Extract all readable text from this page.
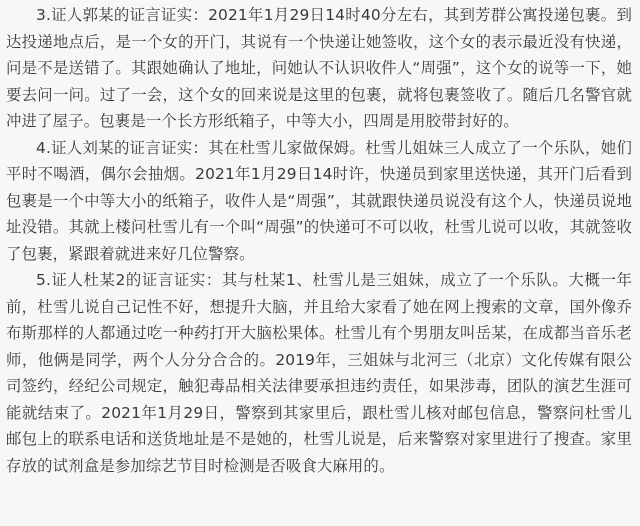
3.证人郭某的证言证实：2021年1月29日14时40分左右，其到芳群公寓投递包裹。到达投递地点后，是一个女的开门，其说有一个快递让她签收，这个女的表示最近没有快递，问是不是送错了。其跟她确认了地址，问她认不认识收件人“周强”，这个女的说等一下，她要去问一问。过了一会，这个女的回来说是这里的包裹，就将包裹签收了。随后几名警官就冲进了屋子。包裹是一个长方形纸箱子，中等大小，四周是用胶带封好的。

4.证人刘某的证言证实：其在杜雪儿家做保姆。杜雪儿姐妹三人成立了一个乐队，她们平时不喝酒，偶尔会抽烟。2021年1月29日14时许，快递员到家里送快递，其开门后看到包裹是一个中等大小的纸箱子，收件人是“周强”，其就跟快递员说没有这个人，快递员说地址没错。其就上楼问杜雪儿有一个叫“周强”的快递可不可以收，杜雪儿说可以收，其就签收了包裹，紧跟着就进来好几位警察。

5.证人杜某2的证言证实：其与杜某1、杜雪儿是三姐妹，成立了一个乐队。大概一年前，杜雪儿说自己记性不好，想提升大脑，并且给大家看了她在网上搜索的文章，国外像乔布斯那样的人都通过吃一种药打开大脑松果体。杜雪儿有个男朋友叫岳某，在成都当音乐老师，他俩是同学，两个人分分合合的。2019年，三姐妹与北河三（北京）文化传媒有限公司签约，经纪公司规定，触犯毒品相关法律要承担违约责任，如果涉毒，团队的演艺生涯可能就结束了。2021年1月29日，警察到其家里后，跟杜雪儿核对邮包信息，警察问杜雪儿邮包上的联系电话和送货地址是不是她的，杜雪儿说是，后来警察对家里进行了搜查。家里存放的试剂盒是参加综艺节目时检测是否吸食大麻用的。
